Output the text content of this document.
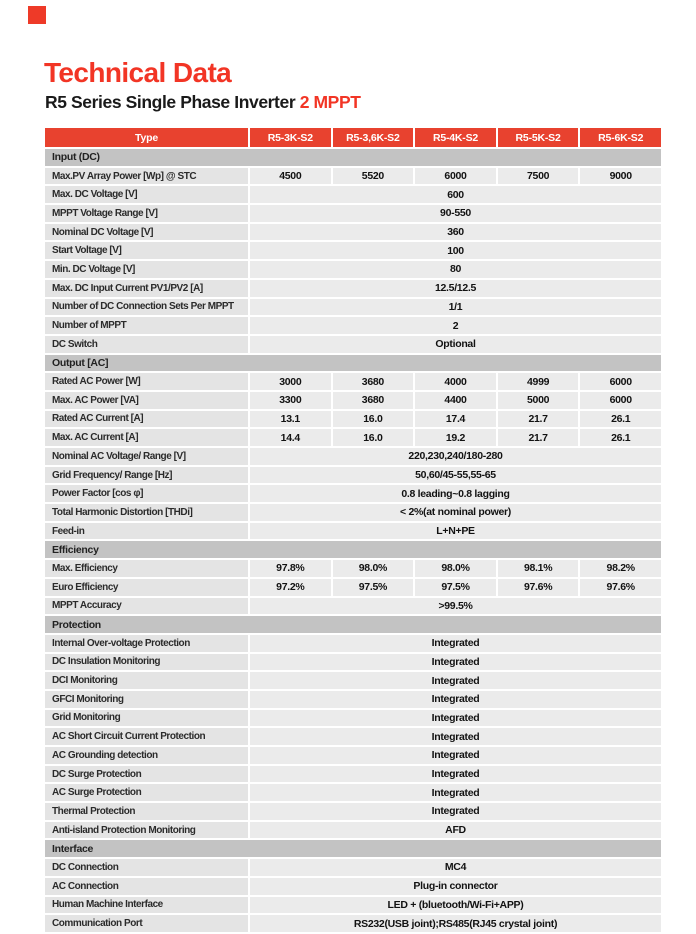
Technical Data
R5 Series Single Phase Inverter 2 MPPT
Type	R5-3K-S2	R5-3,6K-S2	R5-4K-S2	R5-5K-S2	R5-6K-S2
Input (DC)
Max.PV Array Power [Wp] @ STC	4500	5520	6000	7500	9000
Max. DC Voltage [V]	600
MPPT Voltage Range [V]	90-550
Nominal DC Voltage [V]	360
Start Voltage [V]	100
Min. DC Voltage [V]	80
Max. DC Input Current PV1/PV2 [A]	12.5/12.5
Number of DC Connection Sets Per MPPT	1/1
Number of MPPT	2
DC Switch	Optional
Output [AC]
Rated AC Power [W]	3000	3680	4000	4999	6000
Max. AC Power [VA]	3300	3680	4400	5000	6000
Rated AC Current [A]	13.1	16.0	17.4	21.7	26.1
Max. AC Current [A]	14.4	16.0	19.2	21.7	26.1
Nominal AC Voltage/ Range [V]	220,230,240/180-280
Grid Frequency/ Range [Hz]	50,60/45-55,55-65
Power Factor [cos φ]	0.8 leading~0.8 lagging
Total Harmonic Distortion [THDi]	< 2%(at nominal power)
Feed-in	L+N+PE
Efficiency
Max. Efficiency	97.8%	98.0%	98.0%	98.1%	98.2%
Euro Efficiency	97.2%	97.5%	97.5%	97.6%	97.6%
MPPT Accuracy	>99.5%
Protection
Internal Over-voltage Protection	Integrated
DC Insulation Monitoring	Integrated
DCI Monitoring	Integrated
GFCI Monitoring	Integrated
Grid Monitoring	Integrated
AC Short Circuit Current Protection	Integrated
AC Grounding detection	Integrated
DC Surge Protection	Integrated
AC Surge Protection	Integrated
Thermal Protection	Integrated
Anti-island Protection Monitoring	AFD
Interface
DC Connection	MC4
AC Connection	Plug-in connector
Human Machine Interface	LED + (bluetooth/Wi-Fi+APP)
Communication Port	RS232(USB joint);RS485(RJ45 crystal joint)
